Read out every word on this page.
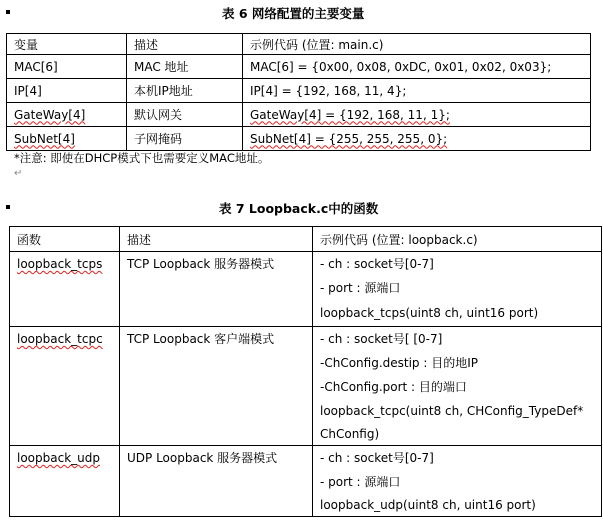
表 6 网络配置的主要变量
变量	描述	示例代码 (位置: main.c)
MAC[6]	MAC 地址	MAC[6] = {0x00, 0x08, 0xDC, 0x01, 0x02, 0x03};
IP[4]	本机IP地址	IP[4] = {192, 168, 11, 4};
GateWay[4]	默认网关	GateWay[4] = {192, 168, 11, 1};
SubNet[4]	子网掩码	SubNet[4] = {255, 255, 255, 0};
*注意: 即使在DHCP模式下也需要定义MAC地址。
↵
表 7 Loopback.c中的函数
函数	描述	示例代码 (位置: loopback.c)

loopback_tcps	TCP Loopback 服务器模式	- ch : socket号[0-7]
- port : 源端口
loopback_tcps(uint8 ch, uint16 port)

loopback_tcpc	TCP Loopback 客户端模式	- ch : socket号[ [0-7]
-ChConfig.destip : 目的地IP
-ChConfig.port : 目的端口
loopback_tcpc(uint8 ch, CHConfig_TypeDef*
ChConfig)

loopback_udp	UDP Loopback 服务器模式	- ch : socket号[0-7]
- port : 源端口
loopback_udp(uint8 ch, uint16 port)
